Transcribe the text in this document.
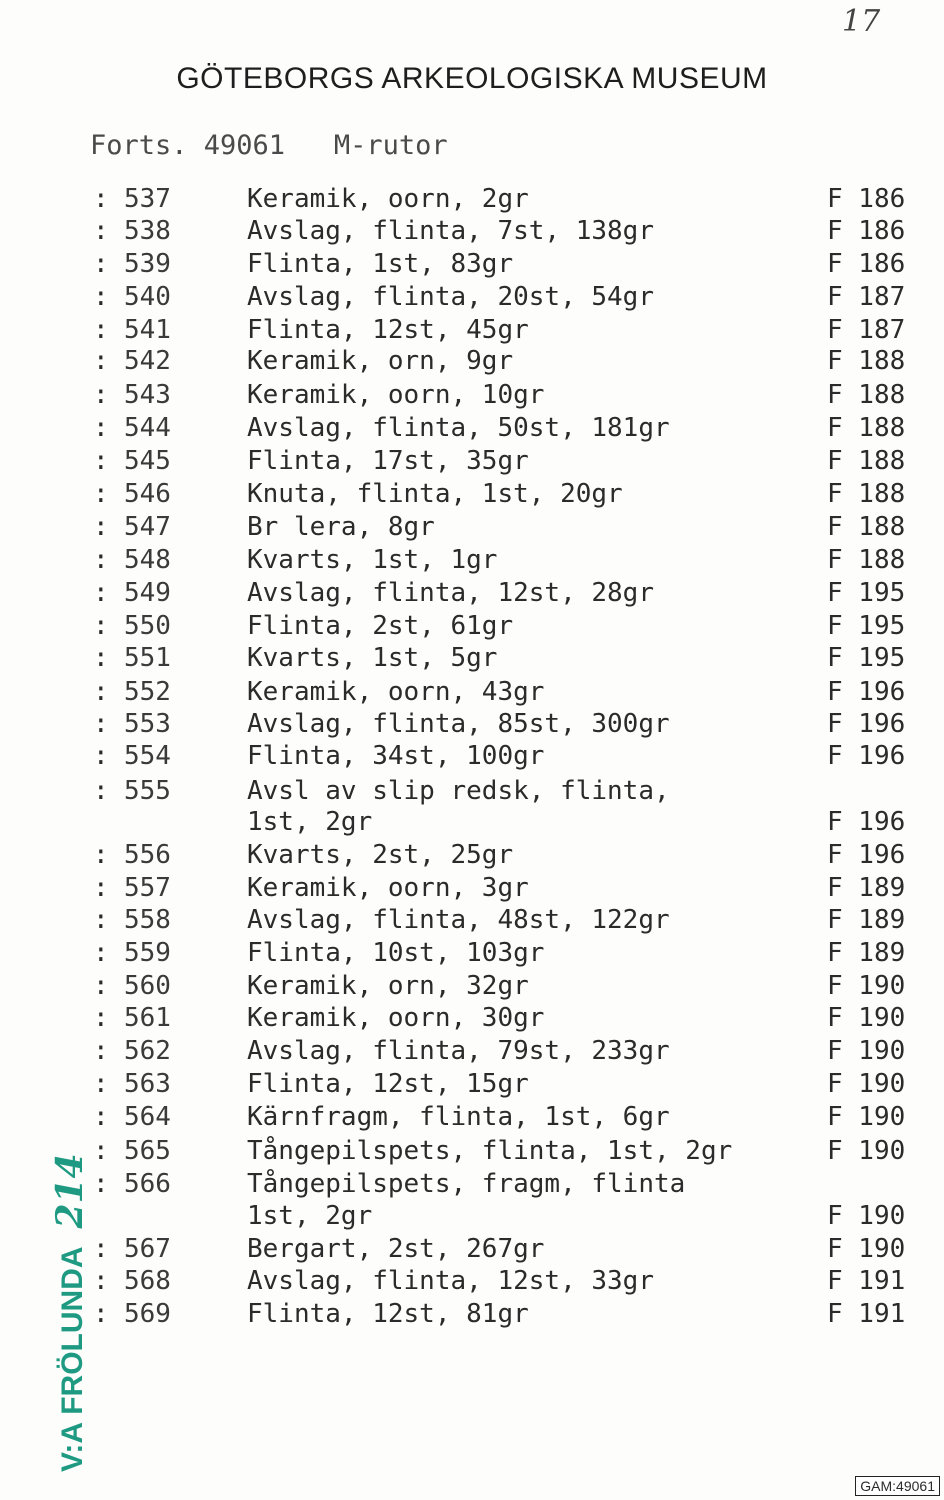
17
GÖTEBORGS ARKEOLOGISKA MUSEUM
Forts. 49061   M-rutor
: 537	Keramik, oorn, 2gr	F 186
: 538	Avslag, flinta, 7st, 138gr	F 186
: 539	Flinta, 1st, 83gr	F 186
: 540	Avslag, flinta, 20st, 54gr	F 187
: 541	Flinta, 12st, 45gr	F 187
: 542	Keramik, orn, 9gr	F 188
: 543	Keramik, oorn, 10gr	F 188
: 544	Avslag, flinta, 50st, 181gr	F 188
: 545	Flinta, 17st, 35gr	F 188
: 546	Knuta, flinta, 1st, 20gr	F 188
: 547	Br lera, 8gr	F 188
: 548	Kvarts, 1st, 1gr	F 188
: 549	Avslag, flinta, 12st, 28gr	F 195
: 550	Flinta, 2st, 61gr	F 195
: 551	Kvarts, 1st, 5gr	F 195
: 552	Keramik, oorn, 43gr	F 196
: 553	Avslag, flinta, 85st, 300gr	F 196
: 554	Flinta, 34st, 100gr	F 196
: 555	Avsl av slip redsk, flinta,
1st, 2gr	F 196
: 556	Kvarts, 2st, 25gr	F 196
: 557	Keramik, oorn, 3gr	F 189
: 558	Avslag, flinta, 48st, 122gr	F 189
: 559	Flinta, 10st, 103gr	F 189
: 560	Keramik, orn, 32gr	F 190
: 561	Keramik, oorn, 30gr	F 190
: 562	Avslag, flinta, 79st, 233gr	F 190
: 563	Flinta, 12st, 15gr	F 190
: 564	Kärnfragm, flinta, 1st, 6gr	F 190
: 565	Tångepilspets, flinta, 1st, 2gr	F 190
: 566	Tångepilspets, fragm, flinta
1st, 2gr	F 190
: 567	Bergart, 2st, 267gr	F 190
: 568	Avslag, flinta, 12st, 33gr	F 191
: 569	Flinta, 12st, 81gr	F 191
V:A FRÖLUNDA214
GAM:49061
